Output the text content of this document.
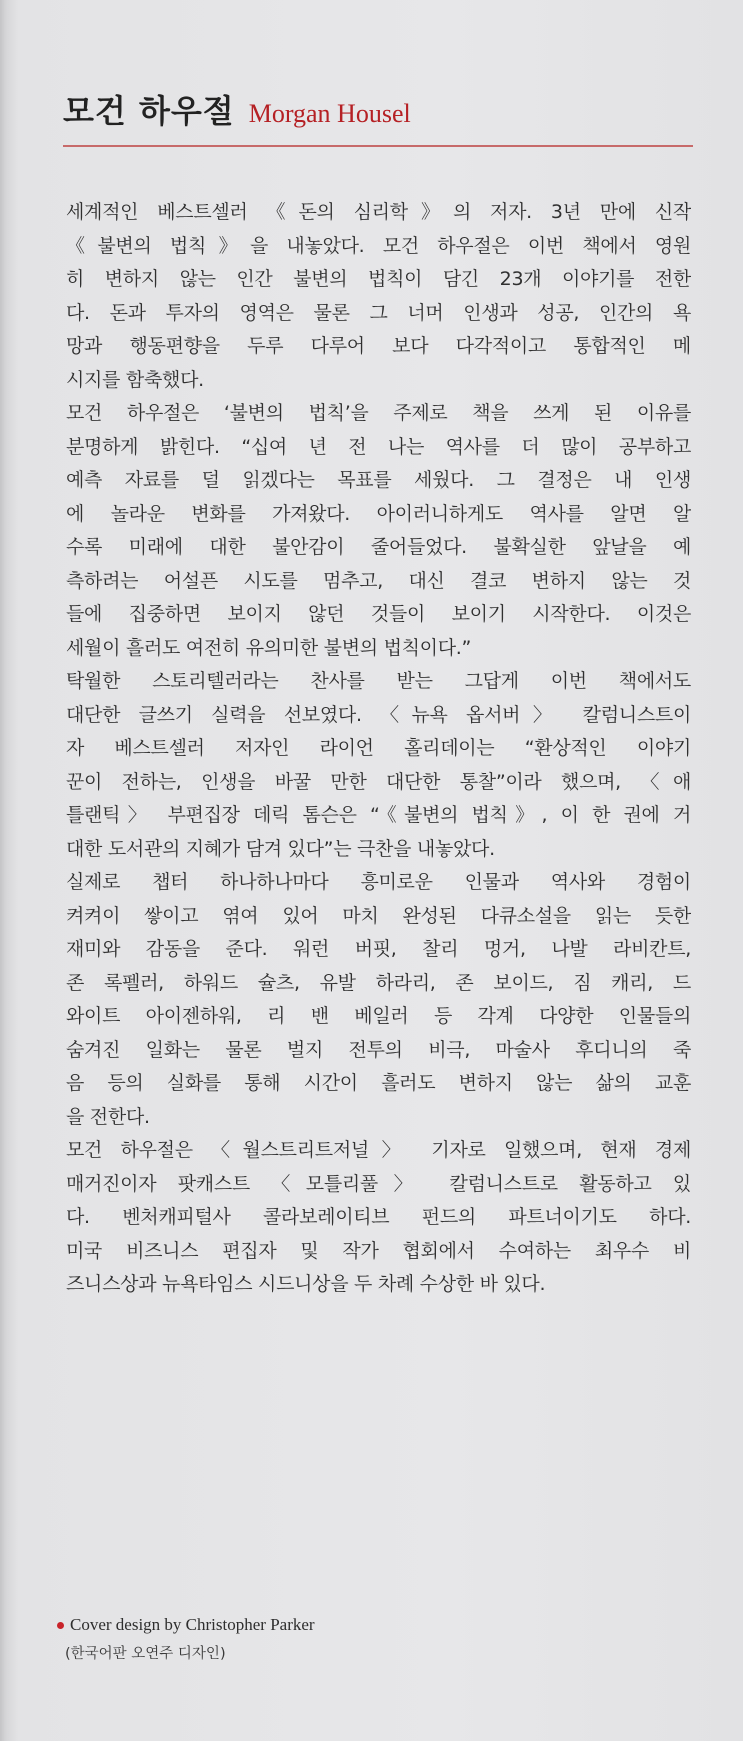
모건 하우절 Morgan Housel
세계적인 베스트셀러 《돈의 심리학》의 저자. 3년 만에 신작
《불변의 법칙》을 내놓았다. 모건 하우절은 이번 책에서 영원
히 변하지 않는 인간 불변의 법칙이 담긴 23개 이야기를 전한
다. 돈과 투자의 영역은 물론 그 너머 인생과 성공, 인간의 욕
망과 행동편향을 두루 다루어 보다 다각적이고 통합적인 메
시지를 함축했다.
모건 하우절은 ‘불변의 법칙’을 주제로 책을 쓰게 된 이유를
분명하게 밝힌다. “십여 년 전 나는 역사를 더 많이 공부하고
예측 자료를 덜 읽겠다는 목표를 세웠다. 그 결정은 내 인생
에 놀라운 변화를 가져왔다. 아이러니하게도 역사를 알면 알
수록 미래에 대한 불안감이 줄어들었다. 불확실한 앞날을 예
측하려는 어설픈 시도를 멈추고, 대신 결코 변하지 않는 것
들에 집중하면 보이지 않던 것들이 보이기 시작한다. 이것은
세월이 흘러도 여전히 유의미한 불변의 법칙이다.”
탁월한 스토리텔러라는 찬사를 받는 그답게 이번 책에서도
대단한 글쓰기 실력을 선보였다. 〈뉴욕 옵서버〉 칼럼니스트이
자 베스트셀러 저자인 라이언 홀리데이는 “환상적인 이야기
꾼이 전하는, 인생을 바꿀 만한 대단한 통찰”이라 했으며, 〈애
틀랜틱〉 부편집장 데릭 톰슨은 “《불변의 법칙》, 이 한 권에 거
대한 도서관의 지혜가 담겨 있다”는 극찬을 내놓았다.
실제로 챕터 하나하나마다 흥미로운 인물과 역사와 경험이
켜켜이 쌓이고 엮여 있어 마치 완성된 다큐소설을 읽는 듯한
재미와 감동을 준다. 워런 버핏, 찰리 멍거, 나발 라비칸트,
존 록펠러, 하워드 슐츠, 유발 하라리, 존 보이드, 짐 캐리, 드
와이트 아이젠하워, 리 밴 베일러 등 각계 다양한 인물들의
숨겨진 일화는 물론 벌지 전투의 비극, 마술사 후디니의 죽
음 등의 실화를 통해 시간이 흘러도 변하지 않는 삶의 교훈
을 전한다.
모건 하우절은 〈월스트리트저널〉 기자로 일했으며, 현재 경제
매거진이자 팟캐스트 〈모틀리풀〉 칼럼니스트로 활동하고 있
다. 벤처캐피털사 콜라보레이티브 펀드의 파트너이기도 하다.
미국 비즈니스 편집자 및 작가 협회에서 수여하는 최우수 비
즈니스상과 뉴욕타임스 시드니상을 두 차례 수상한 바 있다.
Cover design by Christopher Parker
(한국어판 오연주 디자인)
